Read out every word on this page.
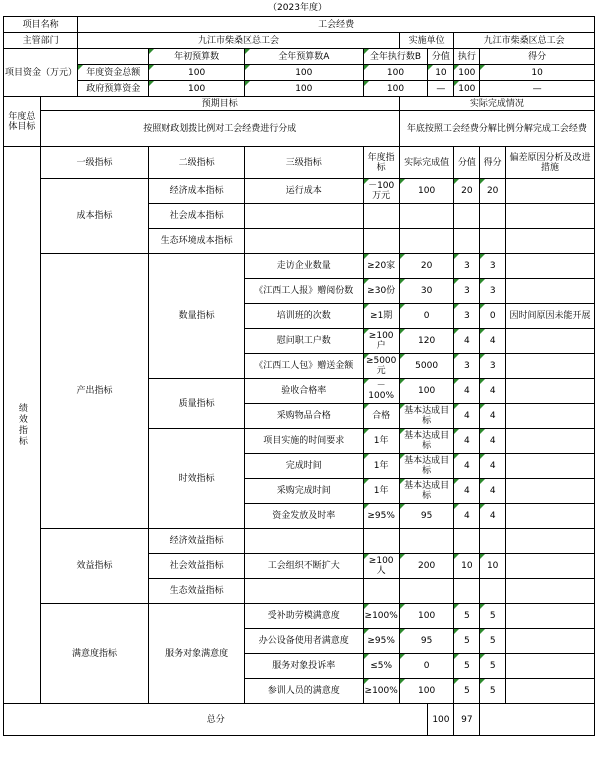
（2023年度）
项目名称		工会经费								
主管部门		九江市柴桑区总工会				实施单位		九江市柴桑区总工会		
项目资金（万元）			年初预算数	全年预算数A	全年执行数B		分值	执行	得分	
		年度资金总额	100	100	100		10	100	10	
		政府预算资金	100	100	100		—	100	—	
年度总体目标	预期目标					实际完成情况				
	按照财政划拨比例对工会经费进行分成					年底按照工会经费分解比例分解完成工会经费				
绩效指标	一级指标		二级指标	三级指标	年度指标	实际完成值		分值	得分	偏差原因分析及改进措施
	成本指标		经济成本指标	运行成本	－100万元	100		20	20	
			社会成本指标							
			生态环境成本指标							
	产出指标		数量指标	走访企业数量	≥20家	20		3	3	
				《江西工人报》赠阅份数	≥30份	30		3	3	
				培训班的次数	≥1期	0		3	0	因时间原因未能开展
				慰问职工户数	≥100户	120		4	4	
				《江西工人包》赠送金额	≥5000元	5000		3	3	
			质量指标	验收合格率	－100%	100		4	4	
				采购物品合格	合格	基本达成目标		4	4	
			时效指标	项目实施的时间要求	1年	基本达成目标		4	4	
				完成时间	1年	基本达成目标		4	4	
				采购完成时间	1年	基本达成目标		4	4	
				资金发放及时率	≥95%	95		4	4	
	效益指标		经济效益指标							
			社会效益指标	工会组织不断扩大	≥100人	200		10	10	
			生态效益指标							
	满意度指标		服务对象满意度	受补助劳模满意度	≥100%	100		5	5	
				办公设备使用者满意度	≥95%	95		5	5	
				服务对象投诉率	≤5%	0		5	5	
				参训人员的满意度	≥100%	100		5	5	
总分							100	97		
